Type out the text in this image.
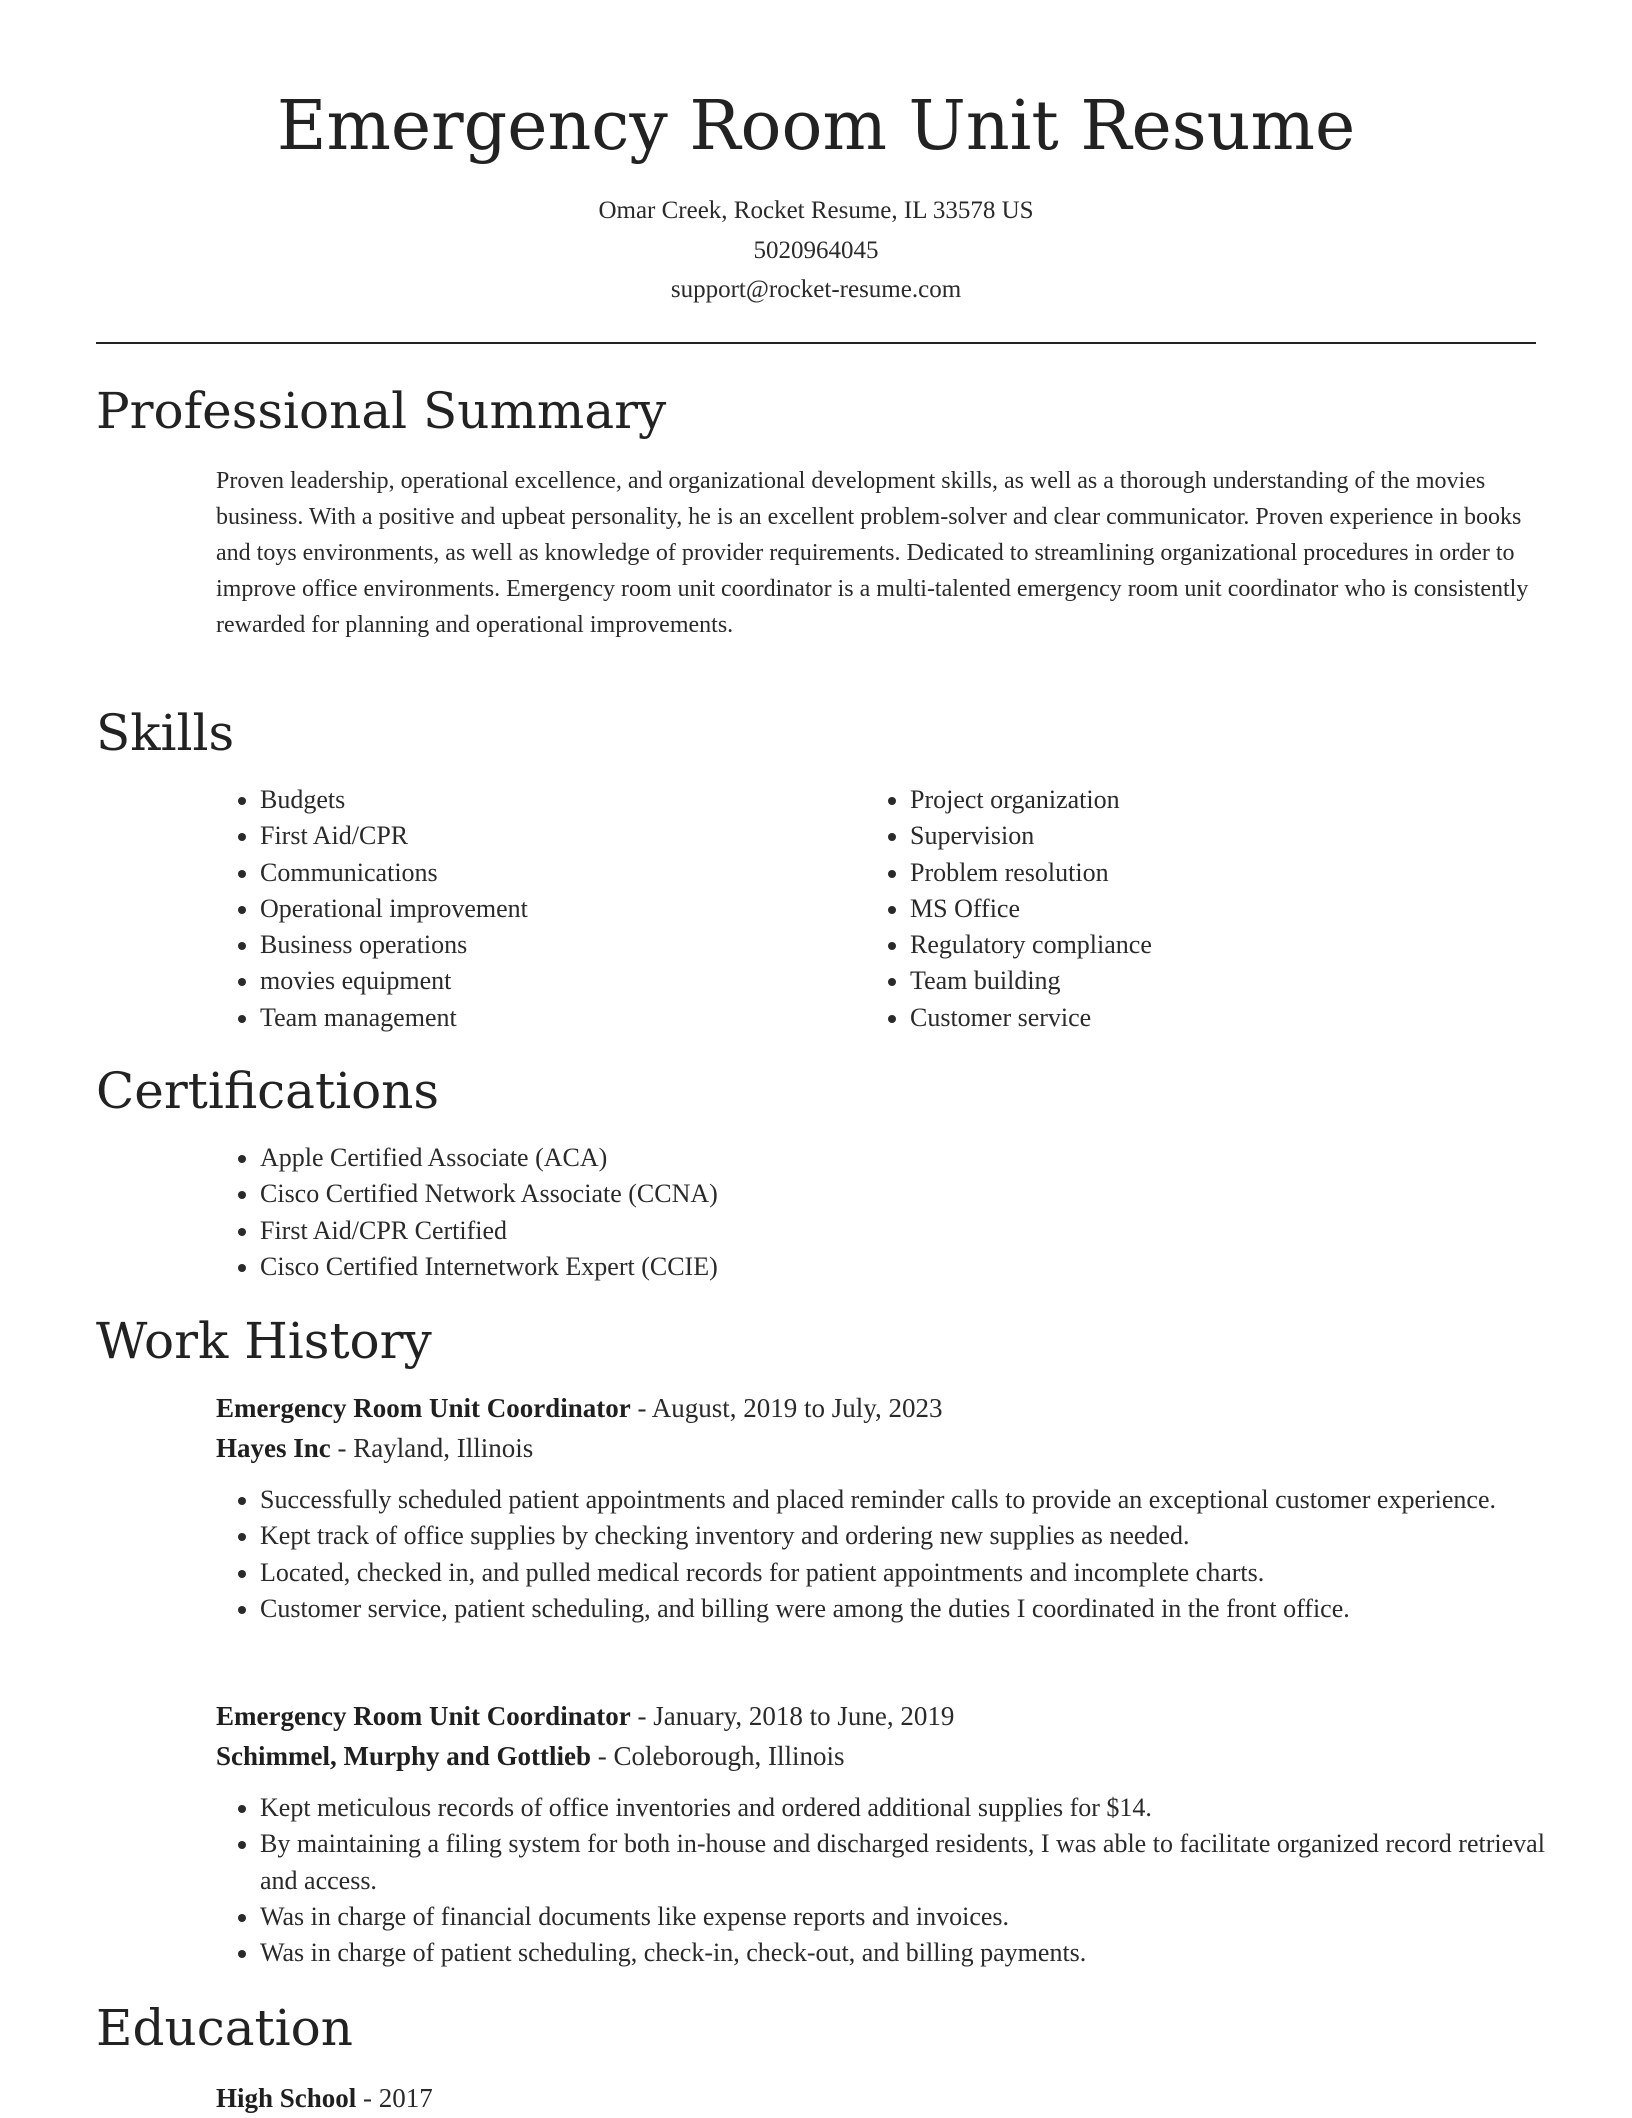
Emergency Room Unit Resume
Omar Creek, Rocket Resume, IL 33578 US
5020964045
support@rocket-resume.com
Professional Summary
Proven leadership, operational excellence, and organizational development skills, as well as a thorough understanding of the movies business. With a positive and upbeat personality, he is an excellent problem-solver and clear communicator. Proven experience in books and toys environments, as well as knowledge of provider requirements. Dedicated to streamlining organizational procedures in order to improve office environments. Emergency room unit coordinator is a multi-talented emergency room unit coordinator who is consistently rewarded for planning and operational improvements.
Skills
• Budgets
• First Aid/CPR
• Communications
• Operational improvement
• Business operations
• movies equipment
• Team management
• Project organization
• Supervision
• Problem resolution
• MS Office
• Regulatory compliance
• Team building
• Customer service
Certifications
• Apple Certified Associate (ACA)
• Cisco Certified Network Associate (CCNA)
• First Aid/CPR Certified
• Cisco Certified Internetwork Expert (CCIE)
Work History
Emergency Room Unit Coordinator - August, 2019 to July, 2023
Hayes Inc - Rayland, Illinois
• Successfully scheduled patient appointments and placed reminder calls to provide an exceptional customer experience.
• Kept track of office supplies by checking inventory and ordering new supplies as needed.
• Located, checked in, and pulled medical records for patient appointments and incomplete charts.
• Customer service, patient scheduling, and billing were among the duties I coordinated in the front office.
Emergency Room Unit Coordinator - January, 2018 to June, 2019
Schimmel, Murphy and Gottlieb - Coleborough, Illinois
• Kept meticulous records of office inventories and ordered additional supplies for $14.
• By maintaining a filing system for both in-house and discharged residents, I was able to facilitate organized record retrieval and access.
• Was in charge of financial documents like expense reports and invoices.
• Was in charge of patient scheduling, check-in, check-out, and billing payments.
Education
High School - 2017
